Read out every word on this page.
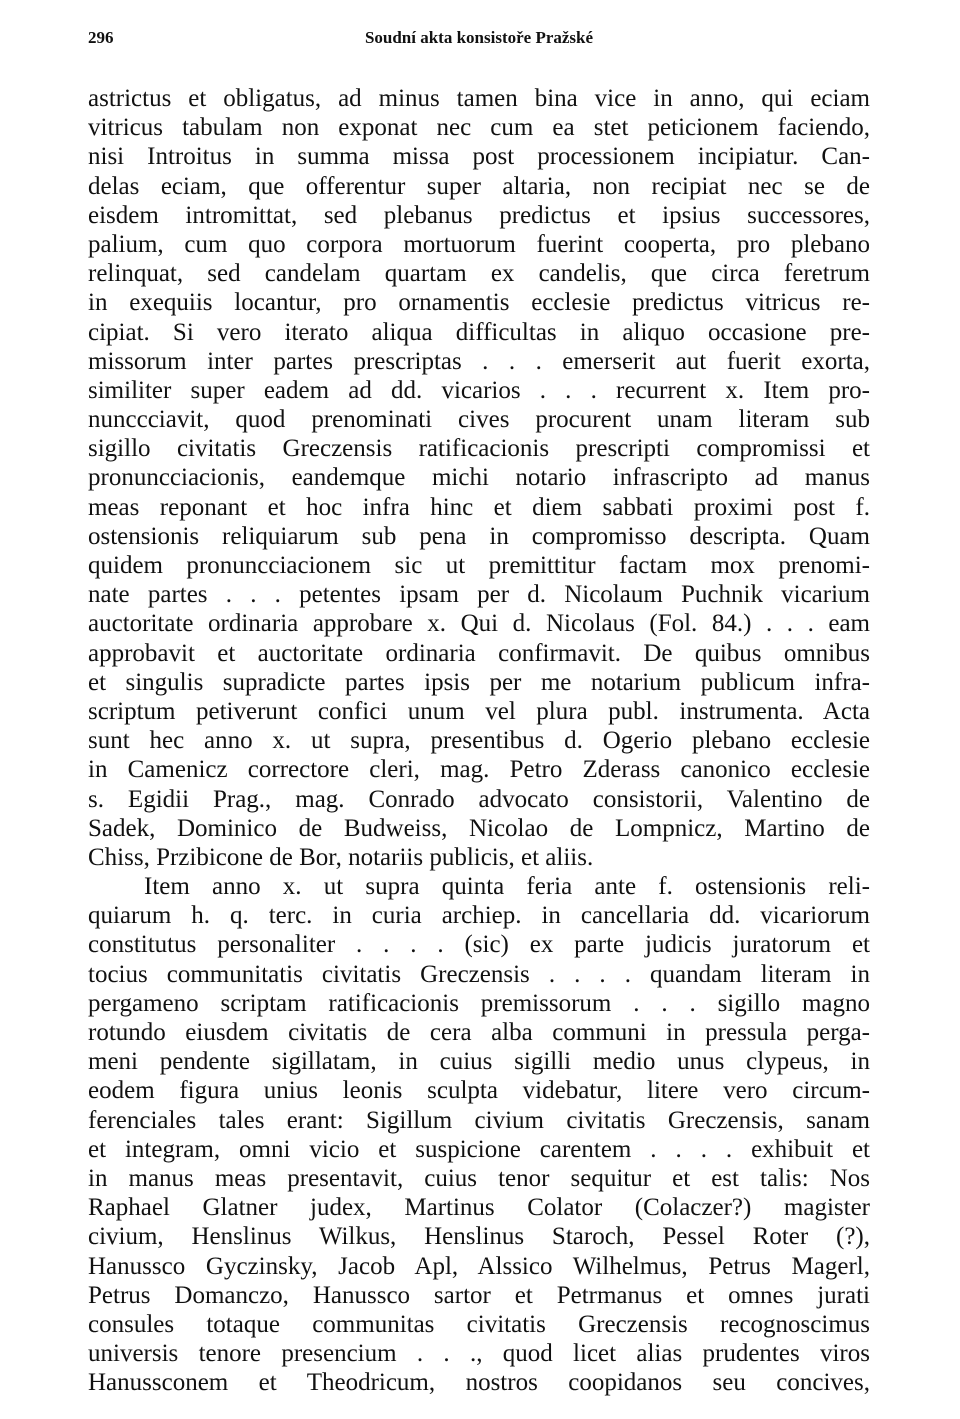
296	Soudní akta konsistoře Pražské
astrictus et obligatus, ad minus tamen bina vice in anno, qui eciam
vitricus tabulam non exponat nec cum ea stet peticionem faciendo,
nisi Introitus in summa missa post processionem incipiatur. Can-
delas eciam, que offerentur super altaria, non recipiat nec se de
eisdem intromittat, sed plebanus predictus et ipsius successores,
palium, cum quo corpora mortuorum fuerint cooperta, pro plebano
relinquat, sed candelam quartam ex candelis, que circa feretrum
in exequiis locantur, pro ornamentis ecclesie predictus vitricus re-
cipiat. Si vero iterato aliqua difficultas in aliquo occasione pre-
missorum inter partes prescriptas . . . emerserit aut fuerit exorta,
similiter super eadem ad dd. vicarios . . . recurrent x. Item pro-
nunccciavit, quod prenominati cives procurent unam literam sub
sigillo civitatis Greczensis ratificacionis prescripti compromissi et
pronuncciacionis, eandemque michi notario infrascripto ad manus
meas reponant et hoc infra hinc et diem sabbati proximi post f.
ostensionis reliquiarum sub pena in compromisso descripta. Quam
quidem pronuncciacionem sic ut premittitur factam mox prenomi-
nate partes . . . petentes ipsam per d. Nicolaum Puchnik vicarium
auctoritate ordinaria approbare x. Qui d. Nicolaus (Fol. 84.) . . . eam
approbavit et auctoritate ordinaria confirmavit. De quibus omnibus
et singulis supradicte partes ipsis per me notarium publicum infra-
scriptum petiverunt confici unum vel plura publ. instrumenta. Acta
sunt hec anno x. ut supra, presentibus d. Ogerio plebano ecclesie
in Camenicz correctore cleri, mag. Petro Zderass canonico ecclesie
s. Egidii Prag., mag. Conrado advocato consistorii, Valentino de
Sadek, Dominico de Budweiss, Nicolao de Lompnicz, Martino de
Chiss, Przibicone de Bor, notariis publicis, et aliis.
Item anno x. ut supra quinta feria ante f. ostensionis reli-
quiarum h. q. terc. in curia archiep. in cancellaria dd. vicariorum
constitutus personaliter . . . . (sic) ex parte judicis juratorum et
tocius communitatis civitatis Greczensis . . . . quandam literam in
pergameno scriptam ratificacionis premissorum . . . sigillo magno
rotundo eiusdem civitatis de cera alba communi in pressula perga-
meni pendente sigillatam, in cuius sigilli medio unus clypeus, in
eodem figura unius leonis sculpta videbatur, litere vero circum-
ferenciales tales erant: Sigillum civium civitatis Greczensis, sanam
et integram, omni vicio et suspicione carentem . . . . exhibuit et
in manus meas presentavit, cuius tenor sequitur et est talis: Nos
Raphael Glatner judex, Martinus Colator (Colaczer?) magister
civium, Henslinus Wilkus, Henslinus Staroch, Pessel Roter (?),
Hanussco Gyczinsky, Jacob Apl, Alssico Wilhelmus, Petrus Magerl,
Petrus Domanczo, Hanussco sartor et Petrmanus et omnes jurati
consules totaque communitas civitatis Greczensis recognoscimus
universis tenore presencium . . ., quod licet alias prudentes viros
Hanussconem et Theodricum, nostros coopidanos seu concives,
